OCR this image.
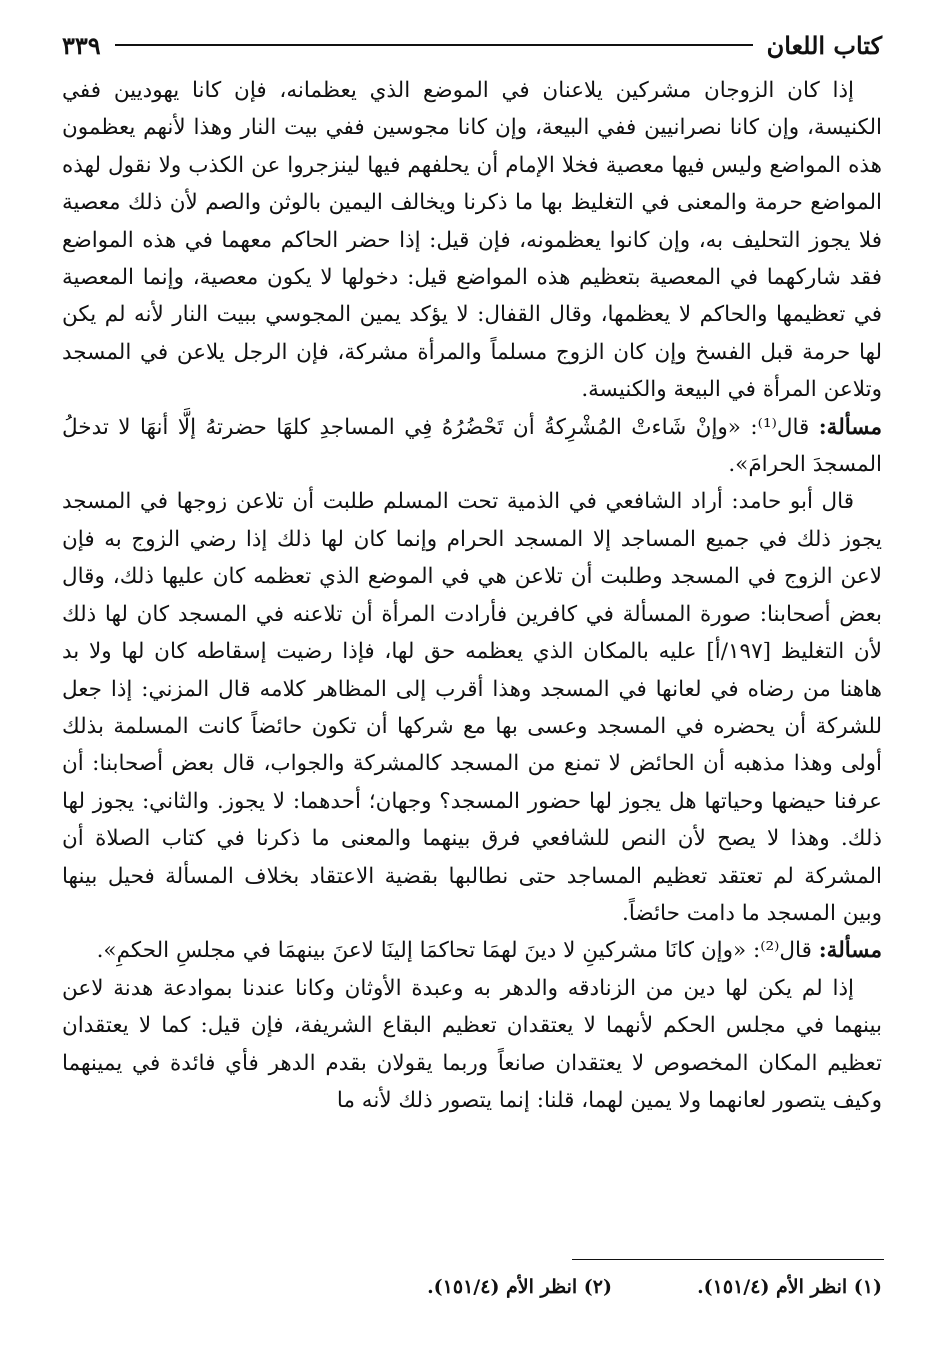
كتاب اللعان
٣٣٩

إذا كان الزوجان مشركين يلاعنان في الموضع الذي يعظمانه، فإن كانا يهوديين ففي الكنيسة، وإن كانا نصرانيين ففي البيعة، وإن كانا مجوسين ففي بيت النار وهذا لأنهم يعظمون هذه المواضع وليس فيها معصية فخلا الإمام أن يحلفهم فيها لينزجروا عن الكذب ولا نقول لهذه المواضع حرمة والمعنى في التغليظ بها ما ذكرنا ويخالف اليمين بالوثن والصم لأن ذلك معصية فلا يجوز التحليف به، وإن كانوا يعظمونه، فإن قيل: إذا حضر الحاكم معهما في هذه المواضع فقد شاركهما في المعصية بتعظيم هذه المواضع قيل: دخولها لا يكون معصية، وإنما المعصية في تعظيمها والحاكم لا يعظمها، وقال القفال: لا يؤكد يمين المجوسي ببيت النار لأنه لم يكن لها حرمة قبل الفسخ وإن كان الزوج مسلماً والمرأة مشركة، فإن الرجل يلاعن في المسجد وتلاعن المرأة في البيعة والكنيسة.

مسألة: قال⁽¹⁾: «وإنْ شَاءتْ المُشْرِكةُ أن تَحْضُرُهُ فِي المساجدِ كلهَا حضرتهُ إلَّا أنهَا لا تدخلُ المسجدَ الحرامَ».

قال أبو حامد: أراد الشافعي في الذمية تحت المسلم طلبت أن تلاعن زوجها في المسجد يجوز ذلك في جميع المساجد إلا المسجد الحرام وإنما كان لها ذلك إذا رضي الزوج به فإن لاعن الزوج في المسجد وطلبت أن تلاعن هي في الموضع الذي تعظمه كان عليها ذلك، وقال بعض أصحابنا: صورة المسألة في كافرين فأرادت المرأة أن تلاعنه في المسجد كان لها ذلك لأن التغليظ [١٩٧/أ] عليه بالمكان الذي يعظمه حق لها، فإذا رضيت إسقاطه كان لها ولا بد هاهنا من رضاه في لعانها في المسجد وهذا أقرب إلى المظاهر كلامه قال المزني: إذا جعل للشركة أن يحضره في المسجد وعسى بها مع شركها أن تكون حائضاً كانت المسلمة بذلك أولى وهذا مذهبه أن الحائض لا تمنع من المسجد كالمشركة والجواب، قال بعض أصحابنا: أن عرفنا حيضها وحياتها هل يجوز لها حضور المسجد؟ وجهان؛ أحدهما: لا يجوز. والثاني: يجوز لها ذلك. وهذا لا يصح لأن النص للشافعي فرق بينهما والمعنى ما ذكرنا في كتاب الصلاة أن المشركة لم تعتقد تعظيم المساجد حتى نطالبها بقضية الاعتقاد بخلاف المسألة فحيل بينها وبين المسجد ما دامت حائضاً.

مسألة: قال⁽²⁾: «وإن كانَا مشركينِ لا دينَ لهمَا تحاكمَا إلينَا لاعنَ بينهمَا في مجلسِ الحكمِ».

إذا لم يكن لها دين من الزنادقه والدهر به وعبدة الأوثان وكانا عندنا بموادعة هدنة لاعن بينهما في مجلس الحكم لأنهما لا يعتقدان تعظيم البقاع الشريفة، فإن قيل: كما لا يعتقدان تعظيم المكان المخصوص لا يعتقدان صانعاً وربما يقولان بقدم الدهر فأي فائدة في يمينهما وكيف يتصور لعانهما ولا يمين لهما، قلنا: إنما يتصور ذلك لأنه ما

(١) انظر الأم (١٥١/٤).
(٢) انظر الأم (١٥١/٤).
